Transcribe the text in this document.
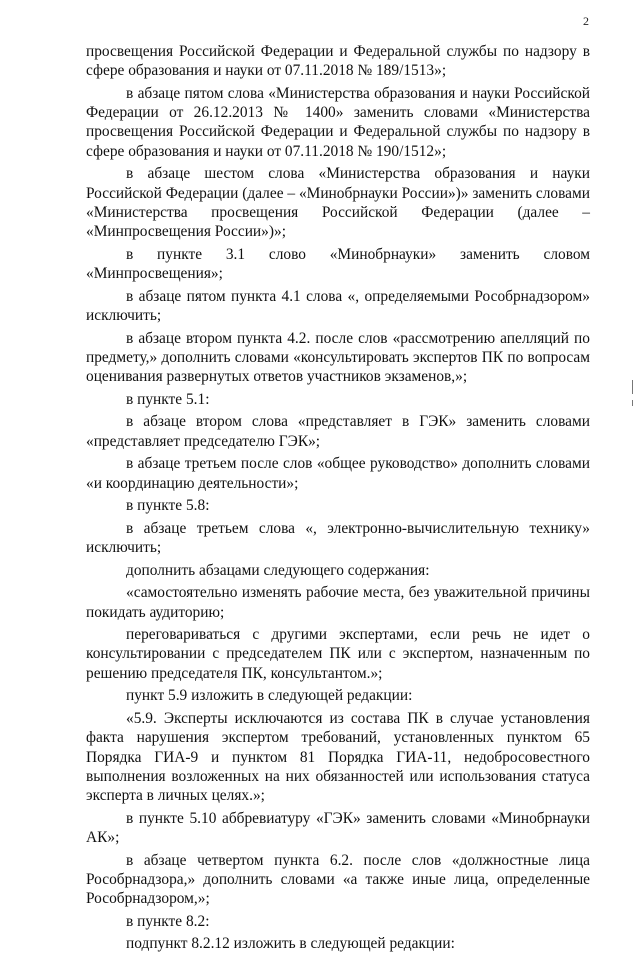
2

просвещения Российской Федерации и Федеральной службы по надзору в сфере образования и науки от 07.11.2018 № 189/1513»;

в абзаце пятом слова «Министерства образования и науки Российской Федерации от 26.12.2013 № 1400» заменить словами «Министерства просвещения Российской Федерации и Федеральной службы по надзору в сфере образования и науки от 07.11.2018 № 190/1512»;

в абзаце шестом слова «Министерства образования и науки Российской Федерации (далее – «Минобрнауки России»)» заменить словами «Министерства просвещения Российской Федерации (далее – «Минпросвещения России»)»;

в пункте 3.1 слово «Минобрнауки» заменить словом «Минпросвещения»;

в абзаце пятом пункта 4.1 слова «, определяемыми Рособрнадзором» исключить;

в абзаце втором пункта 4.2. после слов «рассмотрению апелляций по предмету,» дополнить словами «консультировать экспертов ПК по вопросам оценивания развернутых ответов участников экзаменов,»;

в пункте 5.1:

в абзаце втором слова «представляет в ГЭК» заменить словами «представляет председателю ГЭК»;

в абзаце третьем после слов «общее руководство» дополнить словами «и координацию деятельности»;

в пункте 5.8:

в абзаце третьем слова «, электронно-вычислительную технику» исключить;

дополнить абзацами следующего содержания:

«самостоятельно изменять рабочие места, без уважительной причины покидать аудиторию;

переговариваться с другими экспертами, если речь не идет о консультировании с председателем ПК или с экспертом, назначенным по решению председателя ПК, консультантом.»;

пункт 5.9 изложить в следующей редакции:

«5.9. Эксперты исключаются из состава ПК в случае установления факта нарушения экспертом требований, установленных пунктом 65 Порядка ГИА-9 и пунктом 81 Порядка ГИА-11, недобросовестного выполнения возложенных на них обязанностей или использования статуса эксперта в личных целях.»;

в пункте 5.10 аббревиатуру «ГЭК» заменить словами «Минобрнауки АК»;

в абзаце четвертом пункта 6.2. после слов «должностные лица Рособрнадзора,» дополнить словами «а также иные лица, определенные Рособрнадзором,»;

в пункте 8.2:

подпункт 8.2.12 изложить в следующей редакции:
